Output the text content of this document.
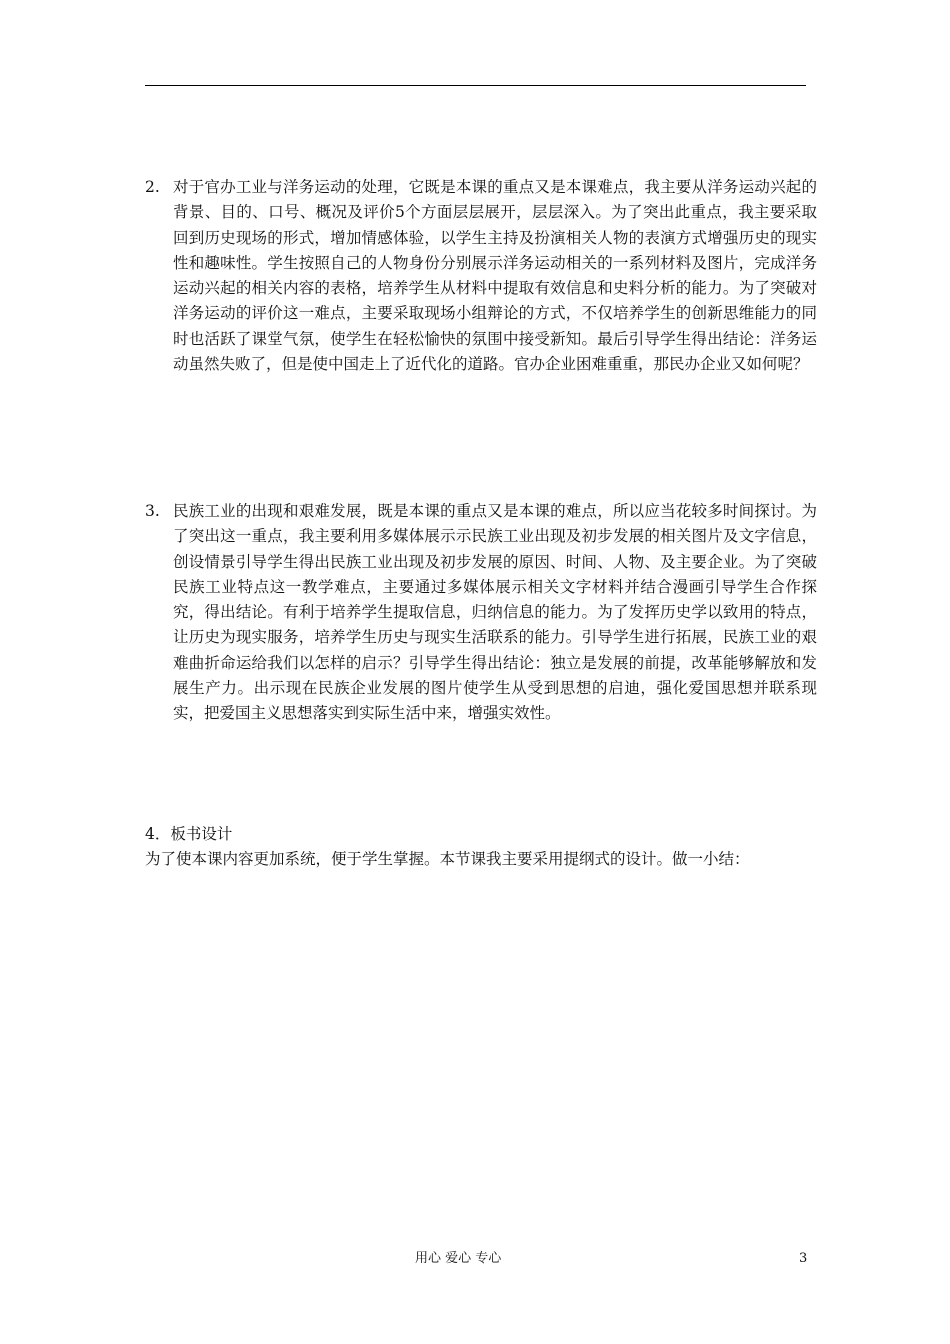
2. 对于官办工业与洋务运动的处理，它既是本课的重点又是本课难点，我主要从洋务运动兴起的背景、目的、口号、概况及评价5个方面层层展开，层层深入。为了突出此重点，我主要采取回到历史现场的形式，增加情感体验，以学生主持及扮演相关人物的表演方式增强历史的现实性和趣味性。学生按照自己的人物身份分别展示洋务运动相关的一系列材料及图片，完成洋务运动兴起的相关内容的表格，培养学生从材料中提取有效信息和史料分析的能力。为了突破对洋务运动的评价这一难点，主要采取现场小组辩论的方式，不仅培养学生的创新思维能力的同时也活跃了课堂气氛，使学生在轻松愉快的氛围中接受新知。最后引导学生得出结论：洋务运动虽然失败了，但是使中国走上了近代化的道路。官办企业困难重重，那民办企业又如何呢？
3. 民族工业的出现和艰难发展，既是本课的重点又是本课的难点，所以应当花较多时间探讨。为了突出这一重点，我主要利用多媒体展示示民族工业出现及初步发展的相关图片及文字信息，创设情景引导学生得出民族工业出现及初步发展的原因、时间、人物、及主要企业。为了突破民族工业特点这一教学难点，主要通过多媒体展示相关文字材料并结合漫画引导学生合作探究，得出结论。有利于培养学生提取信息，归纳信息的能力。为了发挥历史学以致用的特点，让历史为现实服务，培养学生历史与现实生活联系的能力。引导学生进行拓展，民族工业的艰难曲折命运给我们以怎样的启示？引导学生得出结论：独立是发展的前提，改革能够解放和发展生产力。出示现在民族企业发展的图片使学生从受到思想的启迪，强化爱国思想并联系现实，把爱国主义思想落实到实际生活中来，增强实效性。
4．板书设计
为了使本课内容更加系统，便于学生掌握。本节课我主要采用提纲式的设计。做一小结：
用心 爱心 专心	3
